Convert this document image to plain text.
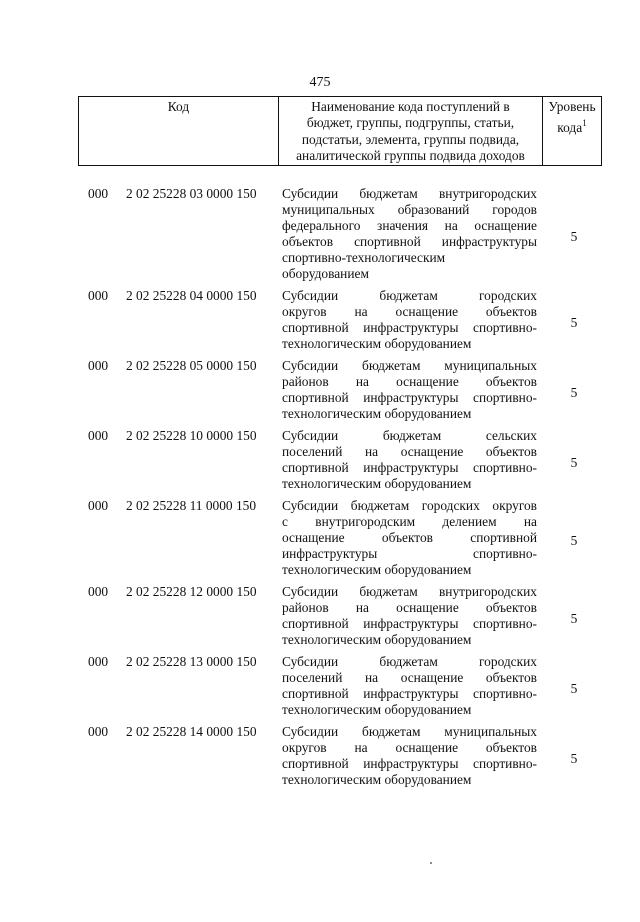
475
Код	Наименование кода поступлений в
бюджет, группы, подгруппы, статьи,
подстатьи, элемента, группы подвида,
аналитической группы подвида доходов
Уровень
кода$^1$
000 2 02 25228 03 0000 150 Субсидии бюджетам внутригородских
муниципальных образований городов
федерального значения на оснащение
объектов спортивной инфраструктуры
спортивно-технологическим
оборудованием
5
000 2 02 25228 04 0000 150 Субсидии бюджетам городских
округов на оснащение объектов
спортивной инфраструктуры спортивно-
технологическим оборудованием
5
000 2 02 25228 05 0000 150 Субсидии бюджетам муниципальных
районов на оснащение объектов
спортивной инфраструктуры спортивно-
технологическим оборудованием
5
000 2 02 25228 10 0000 150 Субсидии бюджетам сельских
поселений на оснащение объектов
спортивной инфраструктуры спортивно-
технологическим оборудованием
5
000 2 02 25228 11 0000 150 Субсидии бюджетам городских округов
с внутригородским делением на
оснащение объектов спортивной
инфраструктуры спортивно-
технологическим оборудованием
5
000 2 02 25228 12 0000 150 Субсидии бюджетам внутригородских
районов на оснащение объектов
спортивной инфраструктуры спортивно-
технологическим оборудованием
5
000 2 02 25228 13 0000 150 Субсидии бюджетам городских
поселений на оснащение объектов
спортивной инфраструктуры спортивно-
технологическим оборудованием
5
000 2 02 25228 14 0000 150 Субсидии бюджетам муниципальных
округов на оснащение объектов
спортивной инфраструктуры спортивно-
технологическим оборудованием
5
